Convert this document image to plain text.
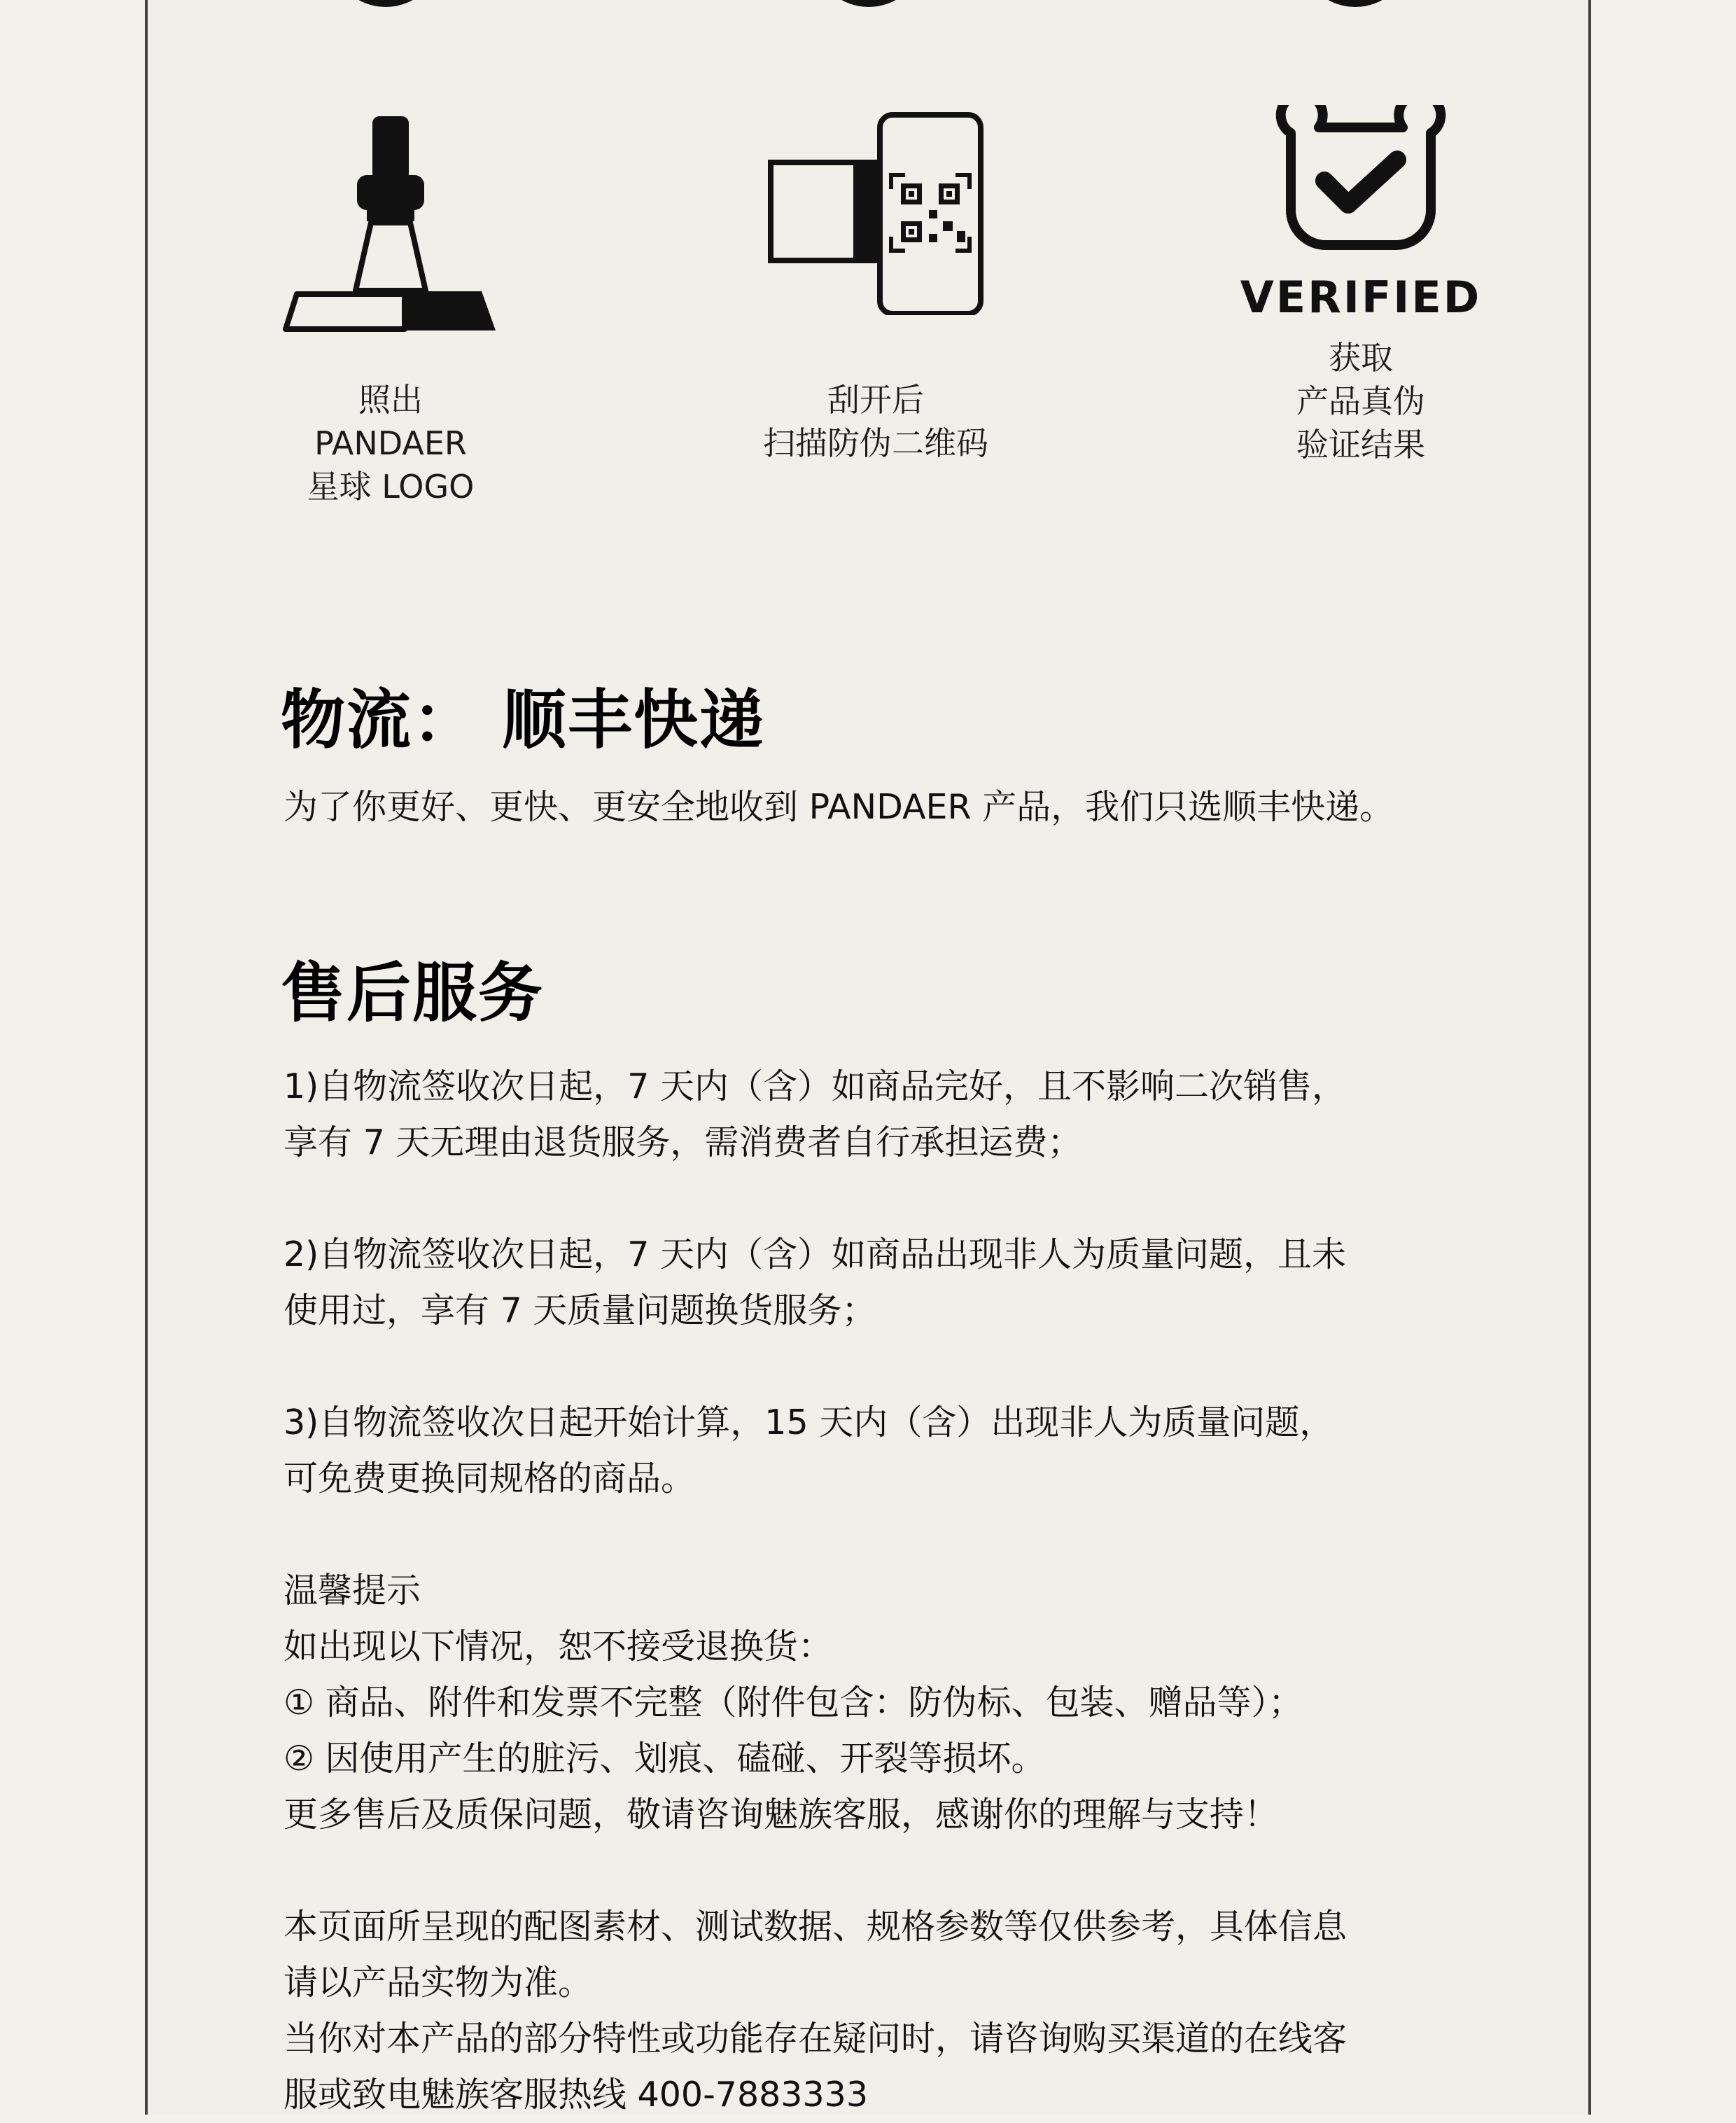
照出
PANDAER
星球 LOGO
刮开后
扫描防伪二维码
VERIFIED
获取
产品真伪
验证结果
物流： 顺丰快递

为了你更好、更快、更安全地收到 PANDAER 产品，我们只选顺丰快递。

售后服务

1)自物流签收次日起，7 天内（含）如商品完好，且不影响二次销售，
享有 7 天无理由退货服务，需消费者自行承担运费；

2)自物流签收次日起，7 天内（含）如商品出现非人为质量问题，且未
使用过，享有 7 天质量问题换货服务；

3)自物流签收次日起开始计算，15 天内（含）出现非人为质量问题，
可免费更换同规格的商品。

温馨提示
如出现以下情况，恕不接受退换货：
① 商品、附件和发票不完整（附件包含：防伪标、包装、赠品等）；
② 因使用产生的脏污、划痕、磕碰、开裂等损坏。
更多售后及质保问题，敬请咨询魅族客服，感谢你的理解与支持！
本页面所呈现的配图素材、测试数据、规格参数等仅供参考，具体信息
请以产品实物为准。
当你对本产品的部分特性或功能存在疑问时，请咨询购买渠道的在线客
服或致电魅族客服热线 400-7883333
